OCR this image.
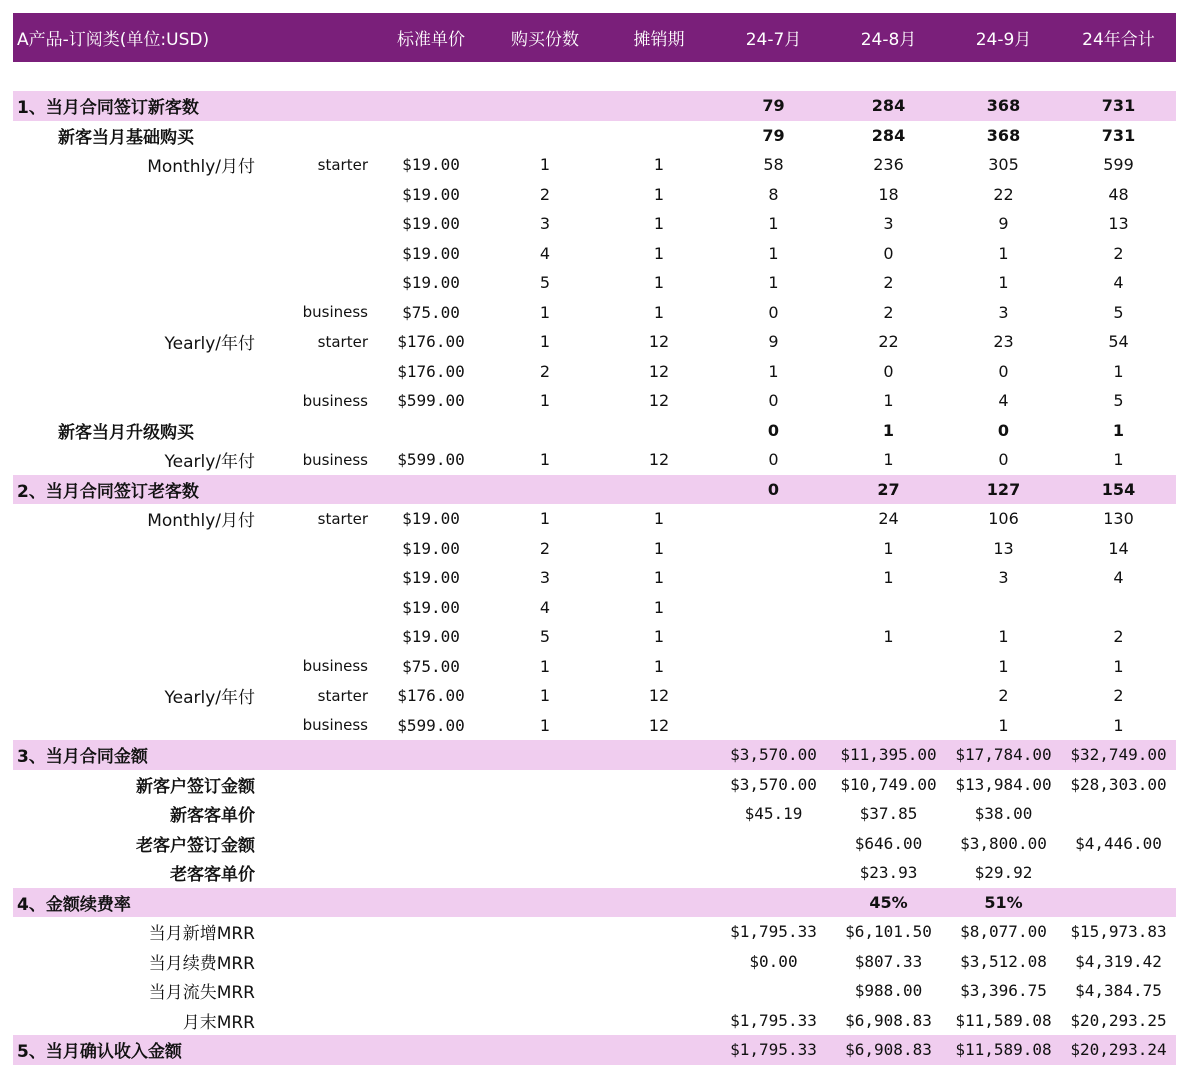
A产品-订阅类(单位:USD)		标准单价	购买份数	摊销期	24-7月	24-8月	24-9月	24年合计

1、当月合同签订新客数					79	284	368	731
新客当月基础购买					79	284	368	731
Monthly/月付	starter	$19.00	1	1	58	236	305	599
		$19.00	2	1	8	18	22	48
		$19.00	3	1	1	3	9	13
		$19.00	4	1	1	0	1	2
		$19.00	5	1	1	2	1	4
	business	$75.00	1	1	0	2	3	5
Yearly/年付	starter	$176.00	1	12	9	22	23	54
		$176.00	2	12	1	0	0	1
	business	$599.00	1	12	0	1	4	5
新客当月升级购买					0	1	0	1
Yearly/年付	business	$599.00	1	12	0	1	0	1
2、当月合同签订老客数					0	27	127	154
Monthly/月付	starter	$19.00	1	1		24	106	130
		$19.00	2	1		1	13	14
		$19.00	3	1		1	3	4
		$19.00	4	1				
		$19.00	5	1		1	1	2
	business	$75.00	1	1			1	1
Yearly/年付	starter	$176.00	1	12			2	2
	business	$599.00	1	12			1	1
3、当月合同金额					$3,570.00	$11,395.00	$17,784.00	$32,749.00
新客户签订金额					$3,570.00	$10,749.00	$13,984.00	$28,303.00
新客客单价					$45.19	$37.85	$38.00	
老客户签订金额						$646.00	$3,800.00	$4,446.00
老客客单价						$23.93	$29.92	
4、金额续费率						45%	51%	
当月新增MRR					$1,795.33	$6,101.50	$8,077.00	$15,973.83
当月续费MRR					$0.00	$807.33	$3,512.08	$4,319.42
当月流失MRR						$988.00	$3,396.75	$4,384.75
月末MRR					$1,795.33	$6,908.83	$11,589.08	$20,293.25
5、当月确认收入金额					$1,795.33	$6,908.83	$11,589.08	$20,293.24
